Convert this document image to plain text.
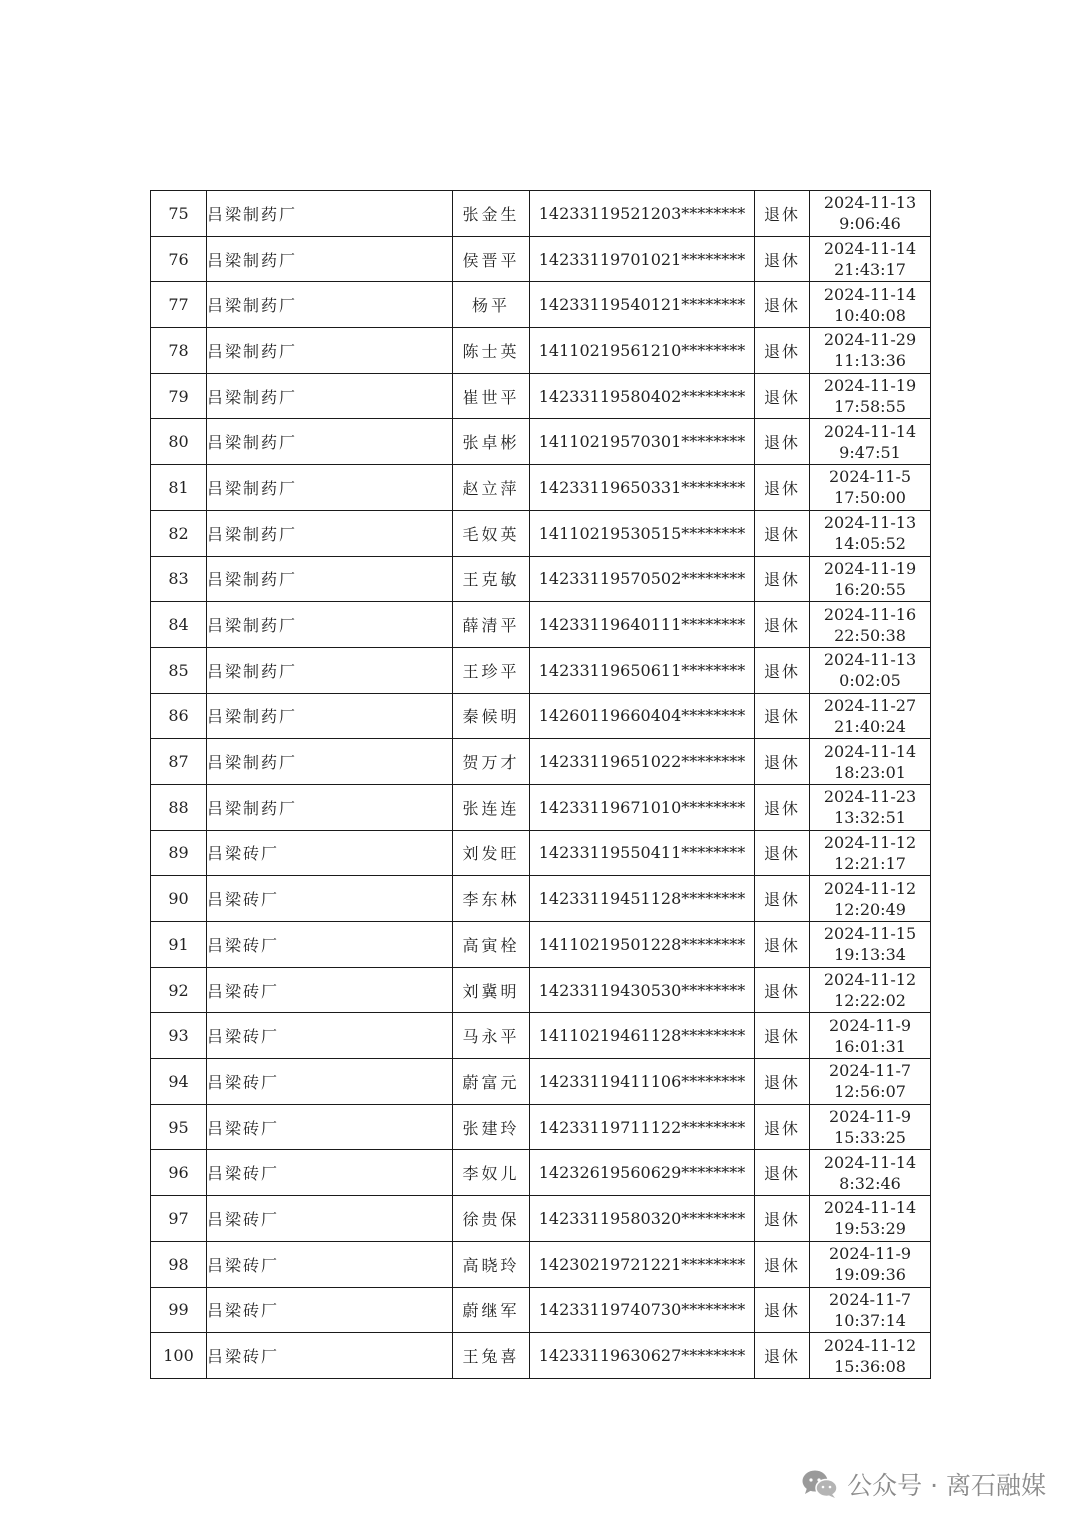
75	吕梁制药厂	张金生	14233119521203********	退休	2024-11-13
9:06:46

76	吕梁制药厂	侯晋平	14233119701021********	退休	2024-11-14
21:43:17

77	吕梁制药厂	杨平	14233119540121********	退休	2024-11-14
10:40:08

78	吕梁制药厂	陈士英	14110219561210********	退休	2024-11-29
11:13:36

79	吕梁制药厂	崔世平	14233119580402********	退休	2024-11-19
17:58:55

80	吕梁制药厂	张卓彬	14110219570301********	退休	2024-11-14
9:47:51

81	吕梁制药厂	赵立萍	14233119650331********	退休	2024-11-5
17:50:00

82	吕梁制药厂	毛奴英	14110219530515********	退休	2024-11-13
14:05:52

83	吕梁制药厂	王克敏	14233119570502********	退休	2024-11-19
16:20:55

84	吕梁制药厂	薛清平	14233119640111********	退休	2024-11-16
22:50:38

85	吕梁制药厂	王珍平	14233119650611********	退休	2024-11-13
0:02:05

86	吕梁制药厂	秦候明	14260119660404********	退休	2024-11-27
21:40:24

87	吕梁制药厂	贺万才	14233119651022********	退休	2024-11-14
18:23:01

88	吕梁制药厂	张连连	14233119671010********	退休	2024-11-23
13:32:51

89	吕梁砖厂	刘发旺	14233119550411********	退休	2024-11-12
12:21:17

90	吕梁砖厂	李东林	14233119451128********	退休	2024-11-12
12:20:49

91	吕梁砖厂	高寅栓	14110219501228********	退休	2024-11-15
19:13:34

92	吕梁砖厂	刘冀明	14233119430530********	退休	2024-11-12
12:22:02

93	吕梁砖厂	马永平	14110219461128********	退休	2024-11-9
16:01:31

94	吕梁砖厂	蔚富元	14233119411106********	退休	2024-11-7
12:56:07

95	吕梁砖厂	张建玲	14233119711122********	退休	2024-11-9
15:33:25

96	吕梁砖厂	李奴儿	14232619560629********	退休	2024-11-14
8:32:46

97	吕梁砖厂	徐贵保	14233119580320********	退休	2024-11-14
19:53:29

98	吕梁砖厂	高晓玲	14230219721221********	退休	2024-11-9
19:09:36

99	吕梁砖厂	蔚继军	14233119740730********	退休	2024-11-7
10:37:14

100	吕梁砖厂	王兔喜	14233119630627********	退休	2024-11-12
15:36:08
公众号 · 离石融媒
